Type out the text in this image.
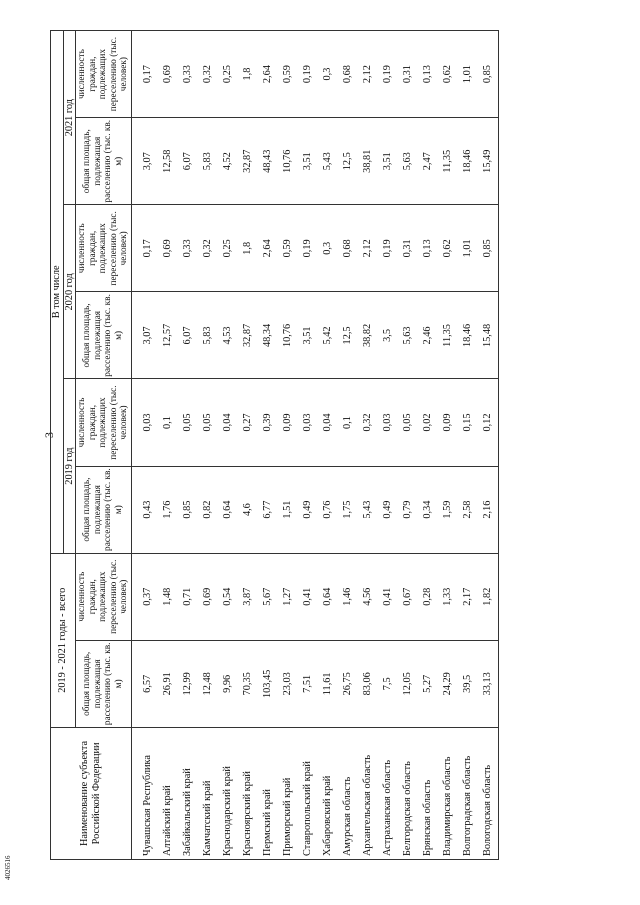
3
4026516
Наименование субъекта Российской Федерации	2019 - 2021 годы - всего		В том числе					
			2019 год		2020 год		2021 год	
	общая площадь, подлежащая расселению (тыс. кв. м)	численность граждан, подлежащих переселению (тыс. человек)	общая площадь, подлежащая расселению (тыс. кв. м)	численность граждан, подлежащих переселению (тыс. человек)	общая площадь, подлежащая расселению (тыс. кв. м)	численность граждан, подлежащих переселению (тыс. человек)	общая площадь, подлежащая расселению (тыс. кв. м)	численность граждан, подлежащих переселению (тыс. человек)
Чувашская Республика	6,57	0,37	0,43	0,03	3,07	0,17	3,07	0,17
Алтайский край	26,91	1,48	1,76	0,1	12,57	0,69	12,58	0,69
Забайкальский край	12,99	0,71	0,85	0,05	6,07	0,33	6,07	0,33
Камчатский край	12,48	0,69	0,82	0,05	5,83	0,32	5,83	0,32
Краснодарский край	9,96	0,54	0,64	0,04	4,53	0,25	4,52	0,25
Красноярский край	70,35	3,87	4,6	0,27	32,87	1,8	32,87	1,8
Пермский край	103,45	5,67	6,77	0,39	48,34	2,64	48,43	2,64
Приморский край	23,03	1,27	1,51	0,09	10,76	0,59	10,76	0,59
Ставропольский край	7,51	0,41	0,49	0,03	3,51	0,19	3,51	0,19
Хабаровский край	11,61	0,64	0,76	0,04	5,42	0,3	5,43	0,3
Амурская область	26,75	1,46	1,75	0,1	12,5	0,68	12,5	0,68
Архангельская область	83,06	4,56	5,43	0,32	38,82	2,12	38,81	2,12
Астраханская область	7,5	0,41	0,49	0,03	3,5	0,19	3,51	0,19
Белгородская область	12,05	0,67	0,79	0,05	5,63	0,31	5,63	0,31
Брянская область	5,27	0,28	0,34	0,02	2,46	0,13	2,47	0,13
Владимирская область	24,29	1,33	1,59	0,09	11,35	0,62	11,35	0,62
Волгоградская область	39,5	2,17	2,58	0,15	18,46	1,01	18,46	1,01
Вологодская область	33,13	1,82	2,16	0,12	15,48	0,85	15,49	0,85
